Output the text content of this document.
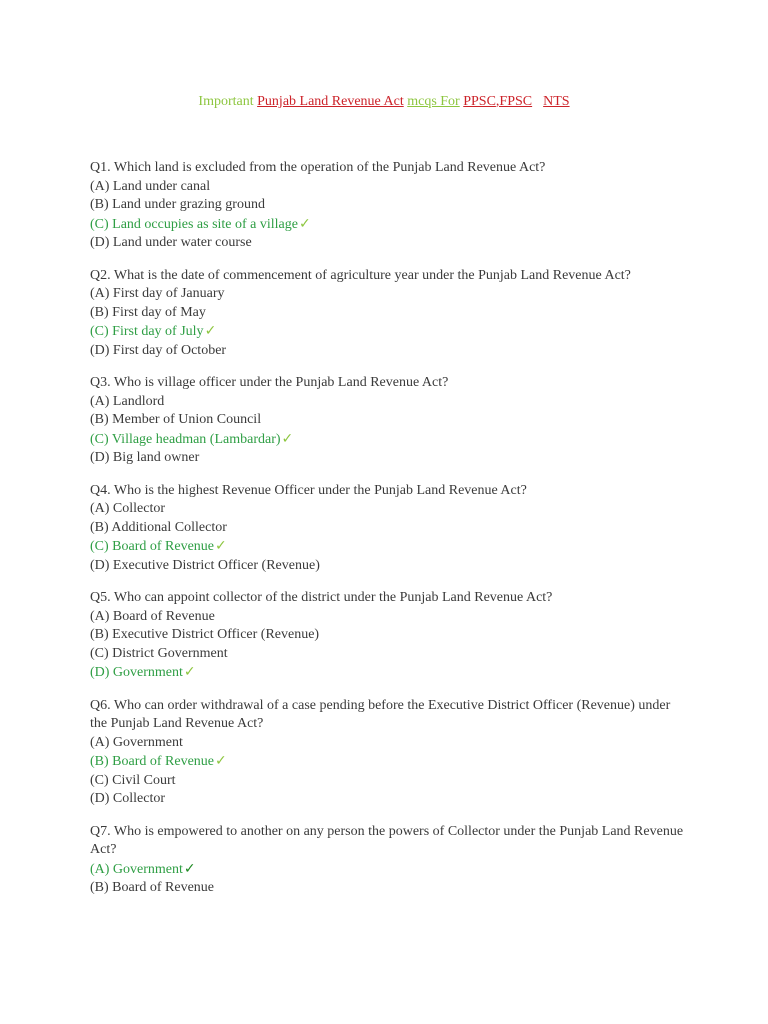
Important Punjab Land Revenue Act mcqs For PPSC,FPSC NTS
Q1. Which land is excluded from the operation of the Punjab Land Revenue Act?
(A) Land under canal
(B) Land under grazing ground
(C) Land occupies as site of a village✓
(D) Land under water course
Q2. What is the date of commencement of agriculture year under the Punjab Land Revenue Act?
(A) First day of January
(B) First day of May
(C) First day of July✓
(D) First day of October
Q3. Who is village officer under the Punjab Land Revenue Act?
(A) Landlord
(B) Member of Union Council
(C) Village headman (Lambardar)✓
(D) Big land owner
Q4. Who is the highest Revenue Officer under the Punjab Land Revenue Act?
(A) Collector
(B) Additional Collector
(C) Board of Revenue✓
(D) Executive District Officer (Revenue)
Q5. Who can appoint collector of the district under the Punjab Land Revenue Act?
(A) Board of Revenue
(B) Executive District Officer (Revenue)
(C) District Government
(D) Government✓
Q6. Who can order withdrawal of a case pending before the Executive District Officer (Revenue) under the Punjab Land Revenue Act?
(A) Government
(B) Board of Revenue✓
(C) Civil Court
(D) Collector
Q7. Who is empowered to another on any person the powers of Collector under the Punjab Land Revenue Act?
(A) Government✓
(B) Board of Revenue
